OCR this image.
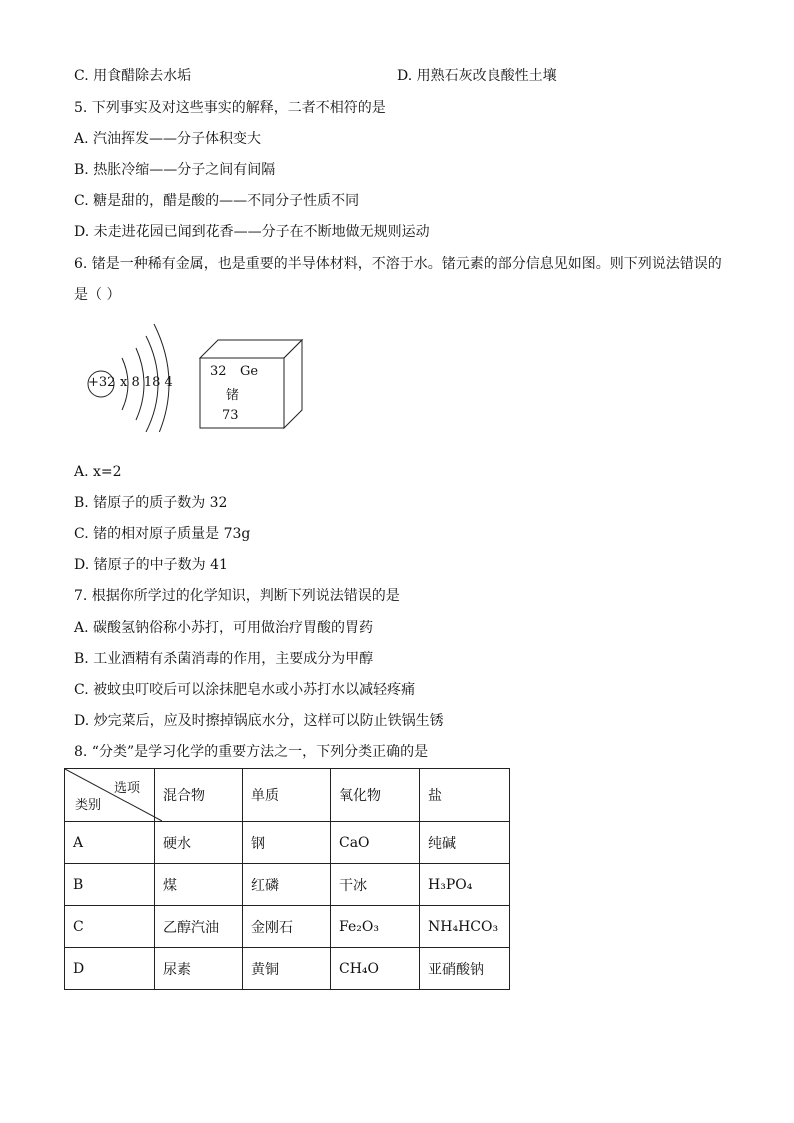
C. 用食醋除去水垢	D. 用熟石灰改良酸性土壤
5. 下列事实及对这些事实的解释，二者不相符的是
A. 汽油挥发——分子体积变大
B. 热胀冷缩——分子之间有间隔
C. 糖是甜的，醋是酸的——不同分子性质不同
D. 未走进花园已闻到花香——分子在不断地做无规则运动
6. 锗是一种稀有金属，也是重要的半导体材料，不溶于水。锗元素的部分信息见如图。则下列说法错误的
是（ ）
+32 x 8 18 4
32 Ge
锗
73
A. x=2
B. 锗原子的质子数为 32
C. 锗的相对原子质量是 73g
D. 锗原子的中子数为 41
7. 根据你所学过的化学知识，判断下列说法错误的是
A. 碳酸氢钠俗称小苏打，可用做治疗胃酸的胃药
B. 工业酒精有杀菌消毒的作用，主要成分为甲醇
C. 被蚊虫叮咬后可以涂抹肥皂水或小苏打水以减轻疼痛
D. 炒完菜后，应及时擦掉锅底水分，这样可以防止铁锅生锈
8. “分类”是学习化学的重要方法之一，下列分类正确的是
选项
类别	混合物	单质	氧化物	盐
A	硬水	钢	CaO	纯碱
B	煤	红磷	干冰	H₃PO₄
C	乙醇汽油	金刚石	Fe₂O₃	NH₄HCO₃
D	尿素	黄铜	CH₄O	亚硝酸钠
